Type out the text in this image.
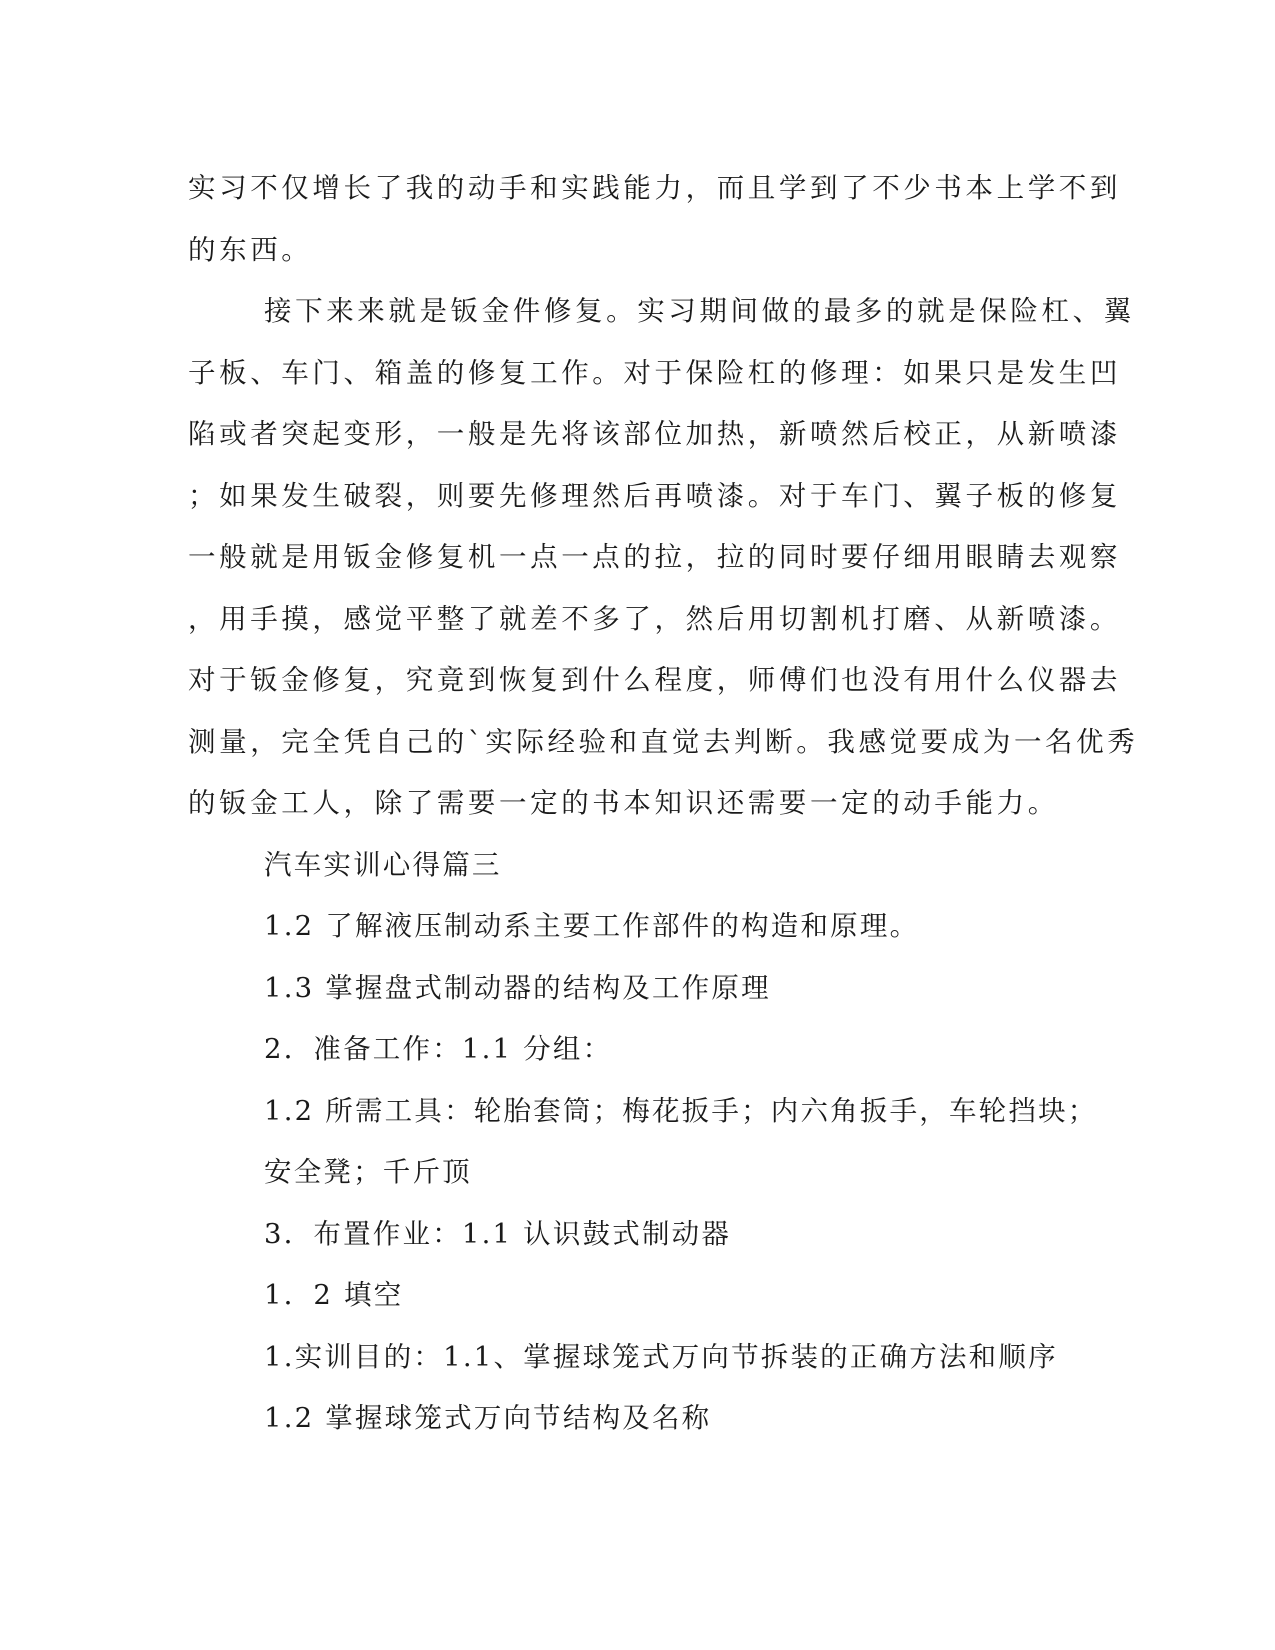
实习不仅增长了我的动手和实践能力，而且学到了不少书本上学不到
的东西。
接下来来就是钣金件修复。实习期间做的最多的就是保险杠、翼
子板、车门、箱盖的修复工作。对于保险杠的修理：如果只是发生凹
陷或者突起变形，一般是先将该部位加热，新喷然后校正，从新喷漆
；如果发生破裂，则要先修理然后再喷漆。对于车门、翼子板的修复
一般就是用钣金修复机一点一点的拉，拉的同时要仔细用眼睛去观察
，用手摸，感觉平整了就差不多了，然后用切割机打磨、从新喷漆。
对于钣金修复，究竟到恢复到什么程度，师傅们也没有用什么仪器去
测量，完全凭自己的`实际经验和直觉去判断。我感觉要成为一名优秀
的钣金工人，除了需要一定的书本知识还需要一定的动手能力。
汽车实训心得篇三
1.2 了解液压制动系主要工作部件的构造和原理。
1.3 掌握盘式制动器的结构及工作原理
2．准备工作：1.1 分组：
1.2 所需工具：轮胎套筒；梅花扳手；内六角扳手，车轮挡块；
安全凳；千斤顶
3．布置作业：1.1 认识鼓式制动器
1．2 填空
1.实训目的：1.1、掌握球笼式万向节拆装的正确方法和顺序
1.2 掌握球笼式万向节结构及名称
